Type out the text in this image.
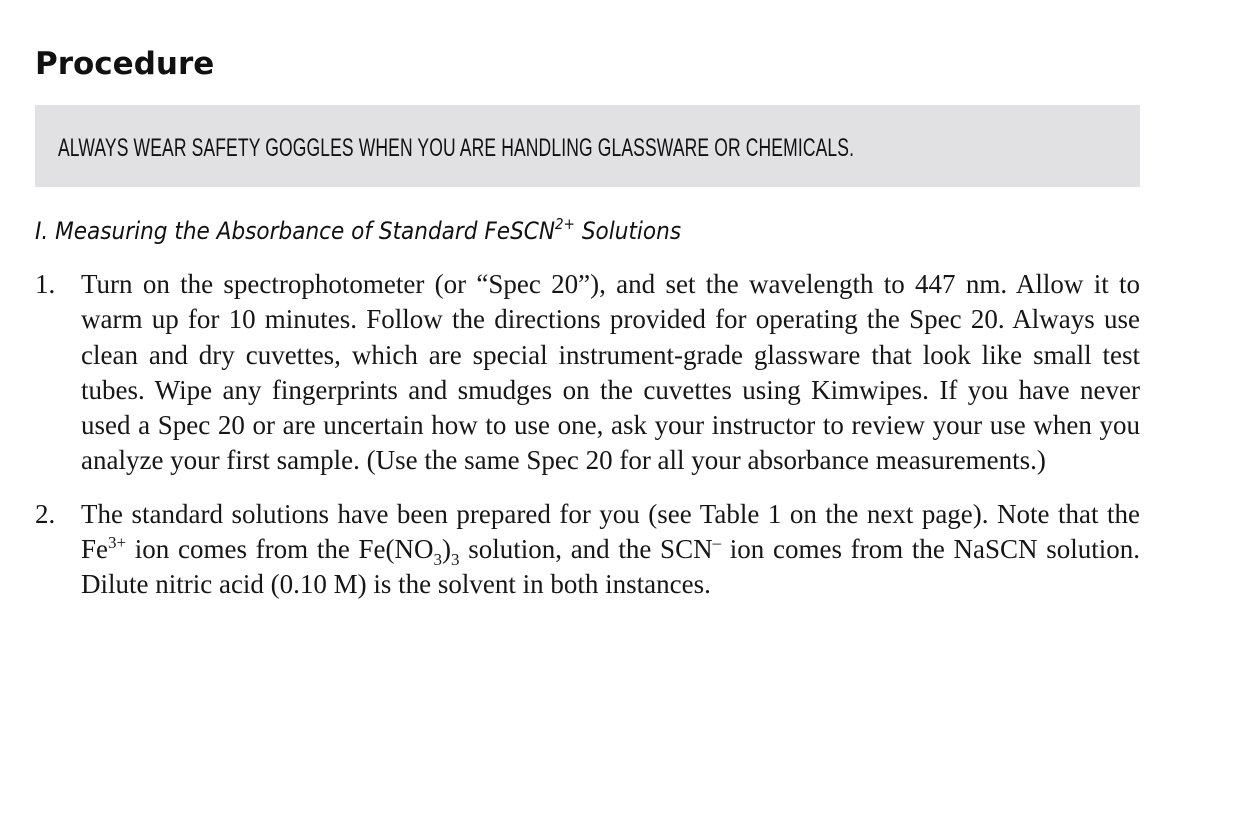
Procedure
ALWAYS WEAR SAFETY GOGGLES WHEN YOU ARE HANDLING GLASSWARE OR CHEMICALS.
I. Measuring the Absorbance of Standard FeSCN$^{2+}$ Solutions
1. Turn on the spectrophotometer (or “Spec 20”), and set the wavelength to 447 nm. Allow it to warm up for 10 minutes. Follow the directions provided for operating the Spec 20. Always use clean and dry cuvettes, which are special instrument-grade glassware that look like small test tubes. Wipe any fingerprints and smudges on the cuvettes using Kimwipes. If you have never used a Spec 20 or are uncertain how to use one, ask your instructor to review your use when you analyze your first sample. (Use the same Spec 20 for all your absorbance measurements.)
2. The standard solutions have been prepared for you (see Table 1 on the next page). Note that the $Fe^{3+}$ ion comes from the $Fe(NO_3)_3$ solution, and the SCN– ion comes from the NaSCN solution. Dilute nitric acid (0.10 M) is the solvent in both instances.
